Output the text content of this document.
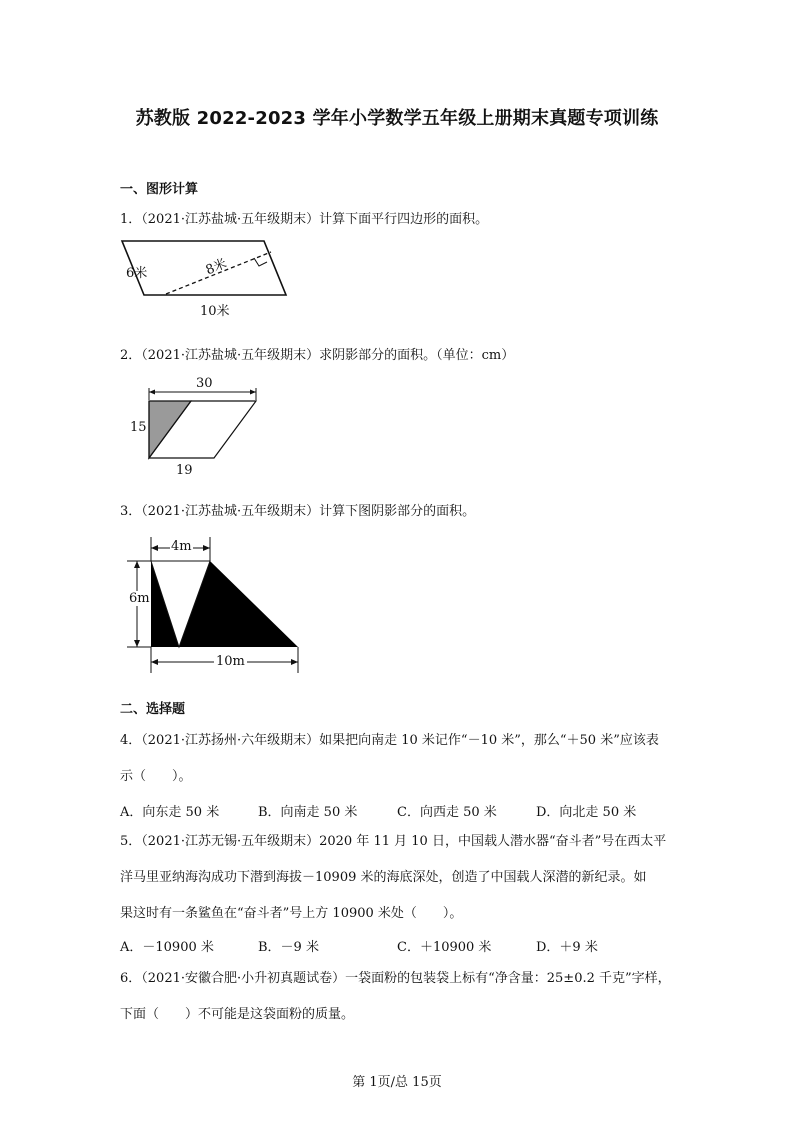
苏教版 2022-2023 学年小学数学五年级上册期末真题专项训练
一、图形计算
1．（2021·江苏盐城·五年级期末）计算下面平行四边形的面积。
6米	8米
10米
2．（2021·江苏盐城·五年级期末）求阴影部分的面积。（单位：cm）
30
15
19
3．（2021·江苏盐城·五年级期末）计算下图阴影部分的面积。
4m
6m
10m
二、选择题
4．（2021·江苏扬州·六年级期末）如果把向南走 10 米记作“－10 米”，那么“＋50 米”应该表
示（　　）。
A．向东走 50 米	B．向南走 50 米	C．向西走 50 米	D．向北走 50 米
5．（2021·江苏无锡·五年级期末）2020 年 11 月 10 日，中国载人潜水器“奋斗者”号在西太平
洋马里亚纳海沟成功下潜到海拔－10909 米的海底深处，创造了中国载人深潜的新纪录。如
果这时有一条鲨鱼在“奋斗者”号上方 10900 米处（　　）。
A．－10900 米	B．－9 米	C．＋10900 米	D．＋9 米
6．（2021·安徽合肥·小升初真题试卷）一袋面粉的包装袋上标有“净含量：25±0.2 千克”字样，
下面（　　）不可能是这袋面粉的质量。
第 1页/总 15页
